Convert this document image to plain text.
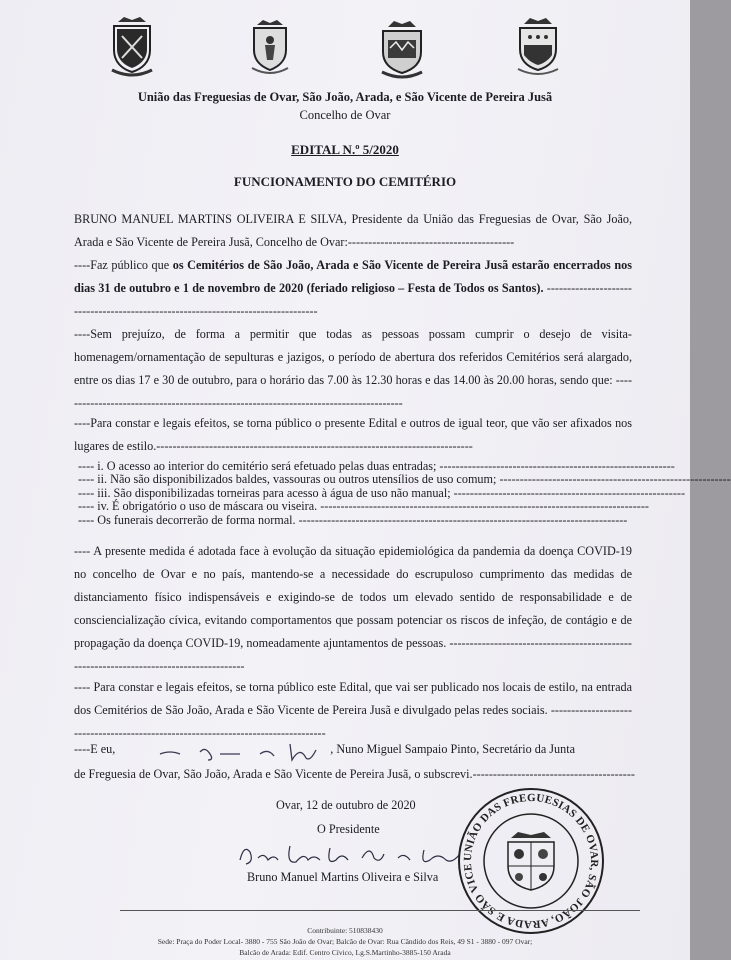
União das Freguesias de Ovar, São João, Arada, e São Vicente de Pereira Jusã
Concelho de Ovar
EDITAL N.º 5/2020
FUNCIONAMENTO DO CEMITÉRIO
BRUNO MANUEL MARTINS OLIVEIRA E SILVA, Presidente da União das Freguesias de Ovar, São João, Arada e São Vicente de Pereira Jusã, Concelho de Ovar:-----------------------------------------
----Faz público que os Cemitérios de São João, Arada e São Vicente de Pereira Jusã estarão encerrados nos dias 31 de outubro e 1 de novembro de 2020 (feriado religioso – Festa de Todos os Santos). ---------------------------------------------------------------------------------
----Sem prejuízo, de forma a permitir que todas as pessoas possam cumprir o desejo de visita-homenagem/ornamentação de sepulturas e jazigos, o período de abertura dos referidos Cemitérios será alargado, entre os dias 17 e 30 de outubro, para o horário das 7.00 às 12.30 horas e das 14.00 às 20.00 horas, sendo que: -------------------------------------------------------------------------------------
----Para constar e legais efeitos, se torna público o presente Edital e outros de igual teor, que vão ser afixados nos lugares de estilo.------------------------------------------------------------------------------
---- i. O acesso ao interior do cemitério será efetuado pelas duas entradas; ----------------------------------------------------------
---- ii. Não são disponibilizados baldes, vassouras ou outros utensílios de uso comum; ---------------------------------------------------------
---- iii. São disponibilizadas torneiras para acesso à água de uso não manual; ---------------------------------------------------------
---- iv. É obrigatório o uso de máscara ou viseira. ---------------------------------------------------------------------------------
---- Os funerais decorrerão de forma normal. ---------------------------------------------------------------------------------
---- A presente medida é adotada face à evolução da situação epidemiológica da pandemia da doença COVID-19 no concelho de Ovar e no país, mantendo-se a necessidade do escrupuloso cumprimento das medidas de distanciamento físico indispensáveis e exigindo-se de todos um elevado sentido de responsabilidade e de consciencialização cívica, evitando comportamentos que possam potenciar os riscos de infeção, de contágio e de propagação da doença COVID-19, nomeadamente ajuntamentos de pessoas. ---------------------------------------------------------------------------------------
---- Para constar e legais efeitos, se torna público este Edital, que vai ser publicado nos locais de estilo, na entrada dos Cemitérios de São João, Arada e São Vicente de Pereira Jusã e divulgado pelas redes sociais. ----------------------------------------------------------------------------------
----E eu,	, Nuno Miguel Sampaio Pinto, Secretário da Junta
de Freguesia de Ovar, São João, Arada e São Vicente de Pereira Jusã, o subscrevi.----------------------------------------
Ovar, 12 de outubro de 2020
O Presidente
Bruno Manuel Martins Oliveira e Silva
UNIÃO DAS FREGUESIAS DE OVAR, SÃO JOÃO, ARADA E SÃO VICE
Contribuinte: 510838430
Sede: Praça do Poder Local- 3880 - 755 São João de Ovar; Balcão de Ovar: Rua Cândido dos Reis, 49 S1 - 3880 - 097 Ovar;
Balcão de Arada: Edif. Centro Cívico, Lg.S.Martinho-3885-150 Arada
